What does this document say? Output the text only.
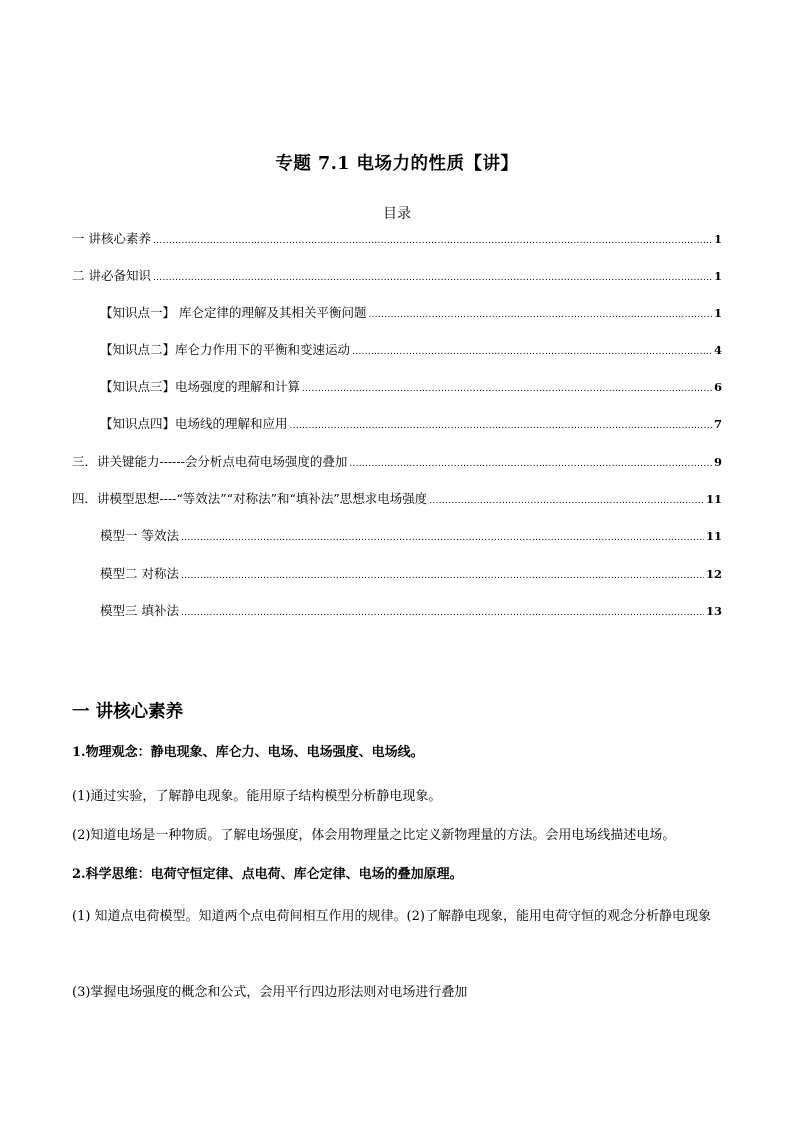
专题 7.1 电场力的性质【讲】
目录
一 讲核心素养 .....	1
二 讲必备知识 .....	1
【知识点一】 库仑定律的理解及其相关平衡问题 .....	1
【知识点二】库仑力作用下的平衡和变速运动 .....	4
【知识点三】电场强度的理解和计算 .....	6
【知识点四】电场线的理解和应用 .....	7
三．讲关键能力------会分析点电荷电场强度的叠加 .....	9
四．讲模型思想----“等效法”“对称法”和“填补法”思想求电场强度 .....	11
模型一 等效法 .....	11
模型二 对称法 .....	12
模型三 填补法 .....	13
一 讲核心素养
1.物理观念：静电现象、库仑力、电场、电场强度、电场线。
(1)通过实验，了解静电现象。能用原子结构模型分析静电现象。
(2)知道电场是一种物质。了解电场强度，体会用物理量之比定义新物理量的方法。会用电场线描述电场。
2.科学思维：电荷守恒定律、点电荷、库仑定律、电场的叠加原理。
(1) 知道点电荷模型。知道两个点电荷间相互作用的规律。(2)了解静电现象，能用电荷守恒的观念分析静电现象
(3)掌握电场强度的概念和公式，会用平行四边形法则对电场进行叠加
